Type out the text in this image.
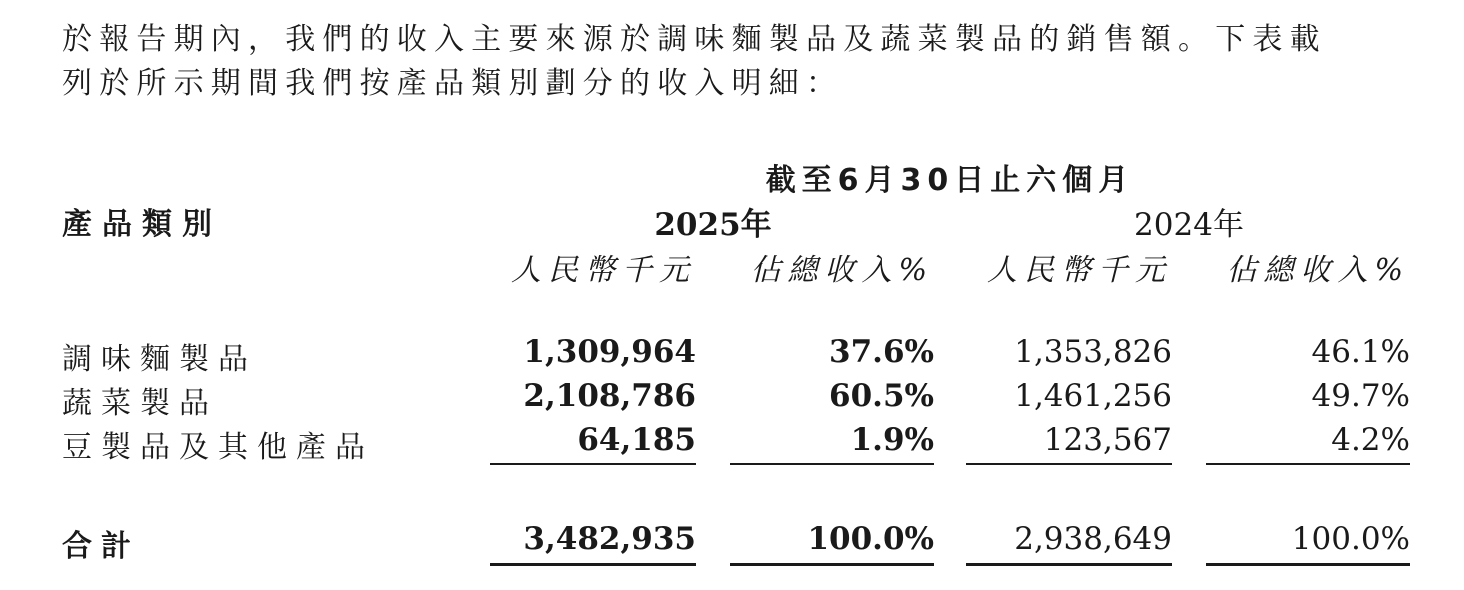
於報告期內，我們的收入主要來源於調味麵製品及蔬菜製品的銷售額。下表載
列於所示期間我們按產品類別劃分的收入明細：
截至6月30日止六個月
產品類別	2025年	2024年
人民幣千元	佔總收入%	人民幣千元	佔總收入%
調味麵製品	1,309,964	37.6%	1,353,826	46.1%
蔬菜製品	2,108,786	60.5%	1,461,256	49.7%
豆製品及其他產品	64,185	1.9%	123,567	4.2%
合計	3,482,935	100.0%	2,938,649	100.0%
